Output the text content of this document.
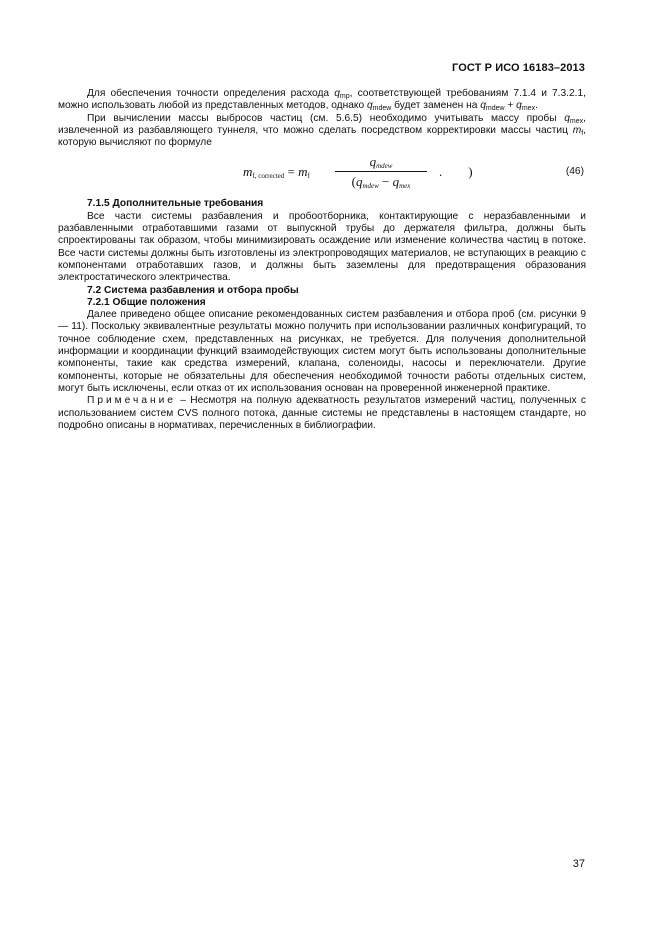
ГОСТ Р ИСО 16183–2013

Для обеспечения точности определения расхода $q_{mp}$, соответствующей требованиям 7.1.4 и 7.3.2.1, можно использовать любой из представленных методов, однако $q_{mdew}$ будет заменен на $q_{mdew} + q_{mex}$.

При вычислении массы выбросов частиц (см. 5.6.5) необходимо учитывать массу пробы $q_{mex}$, извлеченной из разбавляющего туннеля, что можно сделать посредством корректировки массы частиц $m_f$, которую вычисляют по формуле

$m_{f, corrected} = m_f$
$q_{mdew}$
($q_{mdew} - q_{mex}$
.   )	(46)

7.1.5 Дополнительные требования

Все части системы разбавления и пробоотборника, контактирующие с неразбавленными и разбавленными отработавшими газами от выпускной трубы до держателя фильтра, должны быть спроектированы так образом, чтобы минимизировать осаждение или изменение количества частиц в потоке. Все части системы должны быть изготовлены из электропроводящих материалов, не вступающих в реакцию с компонентами отработавших газов, и должны быть заземлены для предотвращения образования электростатического электричества.

7.2 Система разбавления и отбора пробы

7.2.1 Общие положения

Далее приведено общее описание рекомендованных систем разбавления и отбора проб (см. рисунки 9 — 11). Поскольку эквивалентные результаты можно получить при использовании различных конфигураций, то точное соблюдение схем, представленных на рисунках, не требуется. Для получения дополнительной информации и координации функций взаимодействующих систем могут быть использованы дополнительные компоненты, такие как средства измерений, клапана, соленоиды, насосы и переключатели. Другие компоненты, которые не обязательны для обеспечения необходимой точности работы отдельных систем, могут быть исключены, если отказ от их использования основан на проверенной инженерной практике.

Примечание – Несмотря на полную адекватность результатов измерений частиц, полученных с использованием систем CVS полного потока, данные системы не представлены в настоящем стандарте, но подробно описаны в нормативах, перечисленных в библиографии.

37
